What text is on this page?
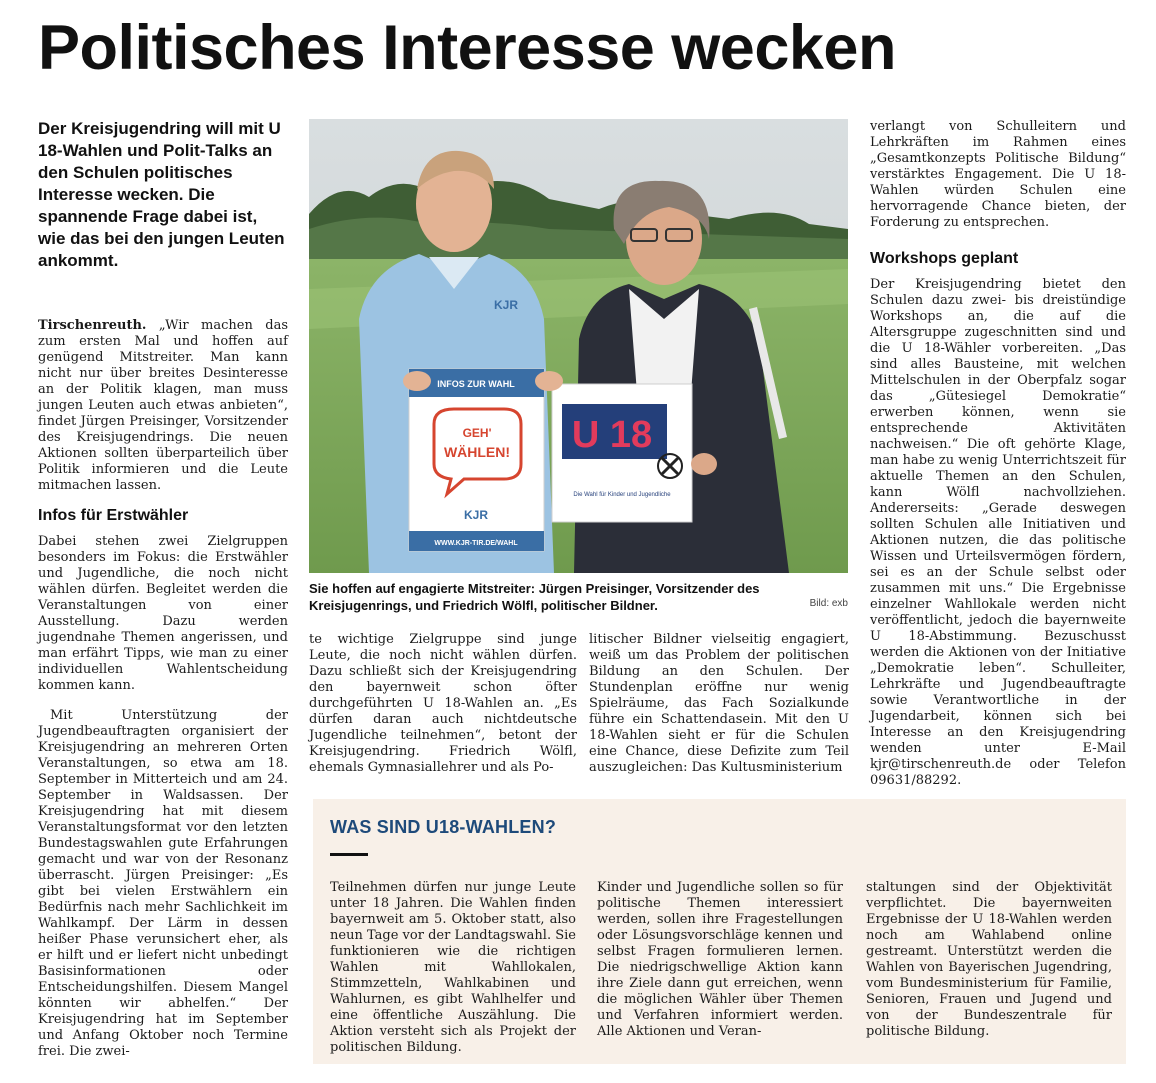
Politisches Interesse wecken

Der Kreisjugendring will mit U 18-Wahlen und Polit-Talks an den Schulen politisches Interesse wecken. Die spannende Frage dabei ist, wie das bei den jungen Leuten ankommt.

Tirschenreuth. „Wir machen das zum ersten Mal und hoffen auf genügend Mitstreiter. Man kann nicht nur über breites Desinteresse an der Politik klagen, man muss jungen Leuten auch etwas anbieten“, findet Jürgen Preisinger, Vorsitzender des Kreisjugendrings. Die neuen Aktionen sollten überparteilich über Politik informieren und die Leute mitmachen lassen.

Infos für Erstwähler

Dabei stehen zwei Zielgruppen besonders im Fokus: die Erstwähler und Jugendliche, die noch nicht wählen dürfen. Begleitet werden die Veranstaltungen von einer Ausstellung. Dazu werden jugendnahe Themen angerissen, und man erfährt Tipps, wie man zu einer individuellen Wahlentscheidung kommen kann.

Mit Unterstützung der Jugendbeauftragten organisiert der Kreisjugendring an mehreren Orten Veranstaltungen, so etwa am 18. September in Mitterteich und am 24. September in Waldsassen. Der Kreisjugendring hat mit diesem Veranstaltungsformat vor den letzten Bundestagswahlen gute Erfahrungen gemacht und war von der Resonanz überrascht. Jürgen Preisinger: „Es gibt bei vielen Erstwählern ein Bedürfnis nach mehr Sachlichkeit im Wahlkampf. Der Lärm in dessen heißer Phase verunsichert eher, als er hilft und er liefert nicht unbedingt Basisinformationen oder Entscheidungshilfen. Diesem Mangel könnten wir abhelfen.“ Der Kreisjugendring hat im September und Anfang Oktober noch Termine frei. Die zwei-

KJR
INFOS ZUR WAHL
GEH'
WÄHLEN!
KJR
WWW.KJR-TIR.DE/WAHL
U 18
Die Wahl für Kinder und Jugendliche
Sie hoffen auf engagierte Mitstreiter: Jürgen Preisinger, Vorsitzender des Kreisjugenrings, und Friedrich Wölfl, politischer Bildner.	Bild: exb

te wichtige Zielgruppe sind junge Leute, die noch nicht wählen dürfen. Dazu schließt sich der Kreisjugendring den bayernweit schon öfter durchgeführten U 18-Wahlen an. „Es dürfen daran auch nichtdeutsche Jugendliche teilnehmen“, betont der Kreisjugendring. Friedrich Wölfl, ehemals Gymnasiallehrer und als Po-

litischer Bildner vielseitig engagiert, weiß um das Problem der politischen Bildung an den Schulen. Der Stundenplan eröffne nur wenig Spielräume, das Fach Sozialkunde führe ein Schattendasein. Mit den U 18-Wahlen sieht er für die Schulen eine Chance, diese Defizite zum Teil auszugleichen: Das Kultusministerium

verlangt von Schulleitern und Lehrkräften im Rahmen eines „Gesamtkonzepts Politische Bildung“ verstärktes Engagement. Die U 18-Wahlen würden Schulen eine hervorragende Chance bieten, der Forderung zu entsprechen.

Workshops geplant

Der Kreisjugendring bietet den Schulen dazu zwei- bis dreistündige Workshops an, die auf die Altersgruppe zugeschnitten sind und die U 18-Wähler vorbereiten. „Das sind alles Bausteine, mit welchen Mittelschulen in der Oberpfalz sogar das „Gütesiegel Demokratie“ erwerben können, wenn sie entsprechende Aktivitäten nachweisen.“ Die oft gehörte Klage, man habe zu wenig Unterrichtszeit für aktuelle Themen an den Schulen, kann Wölfl nachvollziehen. Andererseits: „Gerade deswegen sollten Schulen alle Initiativen und Aktionen nutzen, die das politische Wissen und Urteilsvermögen fördern, sei es an der Schule selbst oder zusammen mit uns.“ Die Ergebnisse einzelner Wahllokale werden nicht veröffentlicht, jedoch die bayernweite U 18-Abstimmung. Bezuschusst werden die Aktionen von der Initiative „Demokratie leben“. Schulleiter, Lehrkräfte und Jugendbeauftragte sowie Verantwortliche in der Jugendarbeit, können sich bei Interesse an den Kreisjugendring wenden unter E-Mail kjr@tirschenreuth.de oder Telefon 09631/88292.

WAS SIND U18-WAHLEN?

Teilnehmen dürfen nur junge Leute unter 18 Jahren. Die Wahlen finden bayernweit am 5. Oktober statt, also neun Tage vor der Landtagswahl. Sie funktionieren wie die richtigen Wahlen mit Wahllokalen, Stimmzetteln, Wahlkabinen und Wahlurnen, es gibt Wahlhelfer und eine öffentliche Auszählung. Die Aktion versteht sich als Projekt der politischen Bildung.

Kinder und Jugendliche sollen so für politische Themen interessiert werden, sollen ihre Fragestellungen oder Lösungsvorschläge kennen und selbst Fragen formulieren lernen. Die niedrigschwellige Aktion kann ihre Ziele dann gut erreichen, wenn die möglichen Wähler über Themen und Verfahren informiert werden. Alle Aktionen und Veran-

staltungen sind der Objektivität verpflichtet. Die bayernweiten Ergebnisse der U 18-Wahlen werden noch am Wahlabend online gestreamt. Unterstützt werden die Wahlen von Bayerischen Jugendring, vom Bundesministerium für Familie, Senioren, Frauen und Jugend und von der Bundeszentrale für politische Bildung.
